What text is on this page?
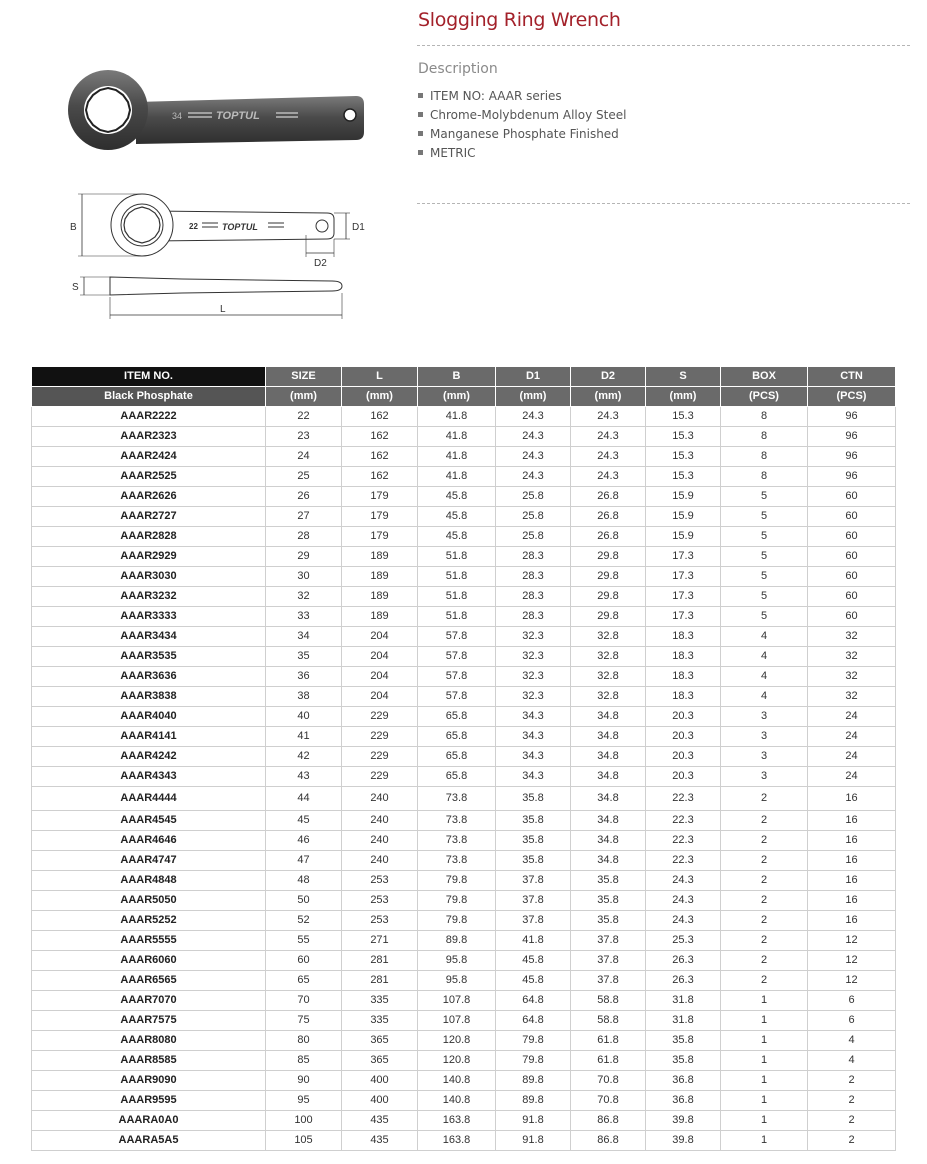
34	TOPTUL
22	TOPTUL
B	D1
D2
S
L
Slogging Ring Wrench
Description
ITEM NO: AAAR series
Chrome-Molybdenum Alloy Steel
Manganese Phosphate Finished
METRIC
ITEM NO.	SIZE	L	B	D1	D2	S	BOX	CTN
Black Phosphate	(mm)	(mm)	(mm)	(mm)	(mm)	(mm)	(PCS)	(PCS)
AAAR2222	22	162	41.8	24.3	24.3	15.3	8	96
AAAR2323	23	162	41.8	24.3	24.3	15.3	8	96
AAAR2424	24	162	41.8	24.3	24.3	15.3	8	96
AAAR2525	25	162	41.8	24.3	24.3	15.3	8	96
AAAR2626	26	179	45.8	25.8	26.8	15.9	5	60
AAAR2727	27	179	45.8	25.8	26.8	15.9	5	60
AAAR2828	28	179	45.8	25.8	26.8	15.9	5	60
AAAR2929	29	189	51.8	28.3	29.8	17.3	5	60
AAAR3030	30	189	51.8	28.3	29.8	17.3	5	60
AAAR3232	32	189	51.8	28.3	29.8	17.3	5	60
AAAR3333	33	189	51.8	28.3	29.8	17.3	5	60
AAAR3434	34	204	57.8	32.3	32.8	18.3	4	32
AAAR3535	35	204	57.8	32.3	32.8	18.3	4	32
AAAR3636	36	204	57.8	32.3	32.8	18.3	4	32
AAAR3838	38	204	57.8	32.3	32.8	18.3	4	32
AAAR4040	40	229	65.8	34.3	34.8	20.3	3	24
AAAR4141	41	229	65.8	34.3	34.8	20.3	3	24
AAAR4242	42	229	65.8	34.3	34.8	20.3	3	24
AAAR4343	43	229	65.8	34.3	34.8	20.3	3	24
AAAR4444	44	240	73.8	35.8	34.8	22.3	2	16
AAAR4545	45	240	73.8	35.8	34.8	22.3	2	16
AAAR4646	46	240	73.8	35.8	34.8	22.3	2	16
AAAR4747	47	240	73.8	35.8	34.8	22.3	2	16
AAAR4848	48	253	79.8	37.8	35.8	24.3	2	16
AAAR5050	50	253	79.8	37.8	35.8	24.3	2	16
AAAR5252	52	253	79.8	37.8	35.8	24.3	2	16
AAAR5555	55	271	89.8	41.8	37.8	25.3	2	12
AAAR6060	60	281	95.8	45.8	37.8	26.3	2	12
AAAR6565	65	281	95.8	45.8	37.8	26.3	2	12
AAAR7070	70	335	107.8	64.8	58.8	31.8	1	6
AAAR7575	75	335	107.8	64.8	58.8	31.8	1	6
AAAR8080	80	365	120.8	79.8	61.8	35.8	1	4
AAAR8585	85	365	120.8	79.8	61.8	35.8	1	4
AAAR9090	90	400	140.8	89.8	70.8	36.8	1	2
AAAR9595	95	400	140.8	89.8	70.8	36.8	1	2
AAARA0A0	100	435	163.8	91.8	86.8	39.8	1	2
AAARA5A5	105	435	163.8	91.8	86.8	39.8	1	2
